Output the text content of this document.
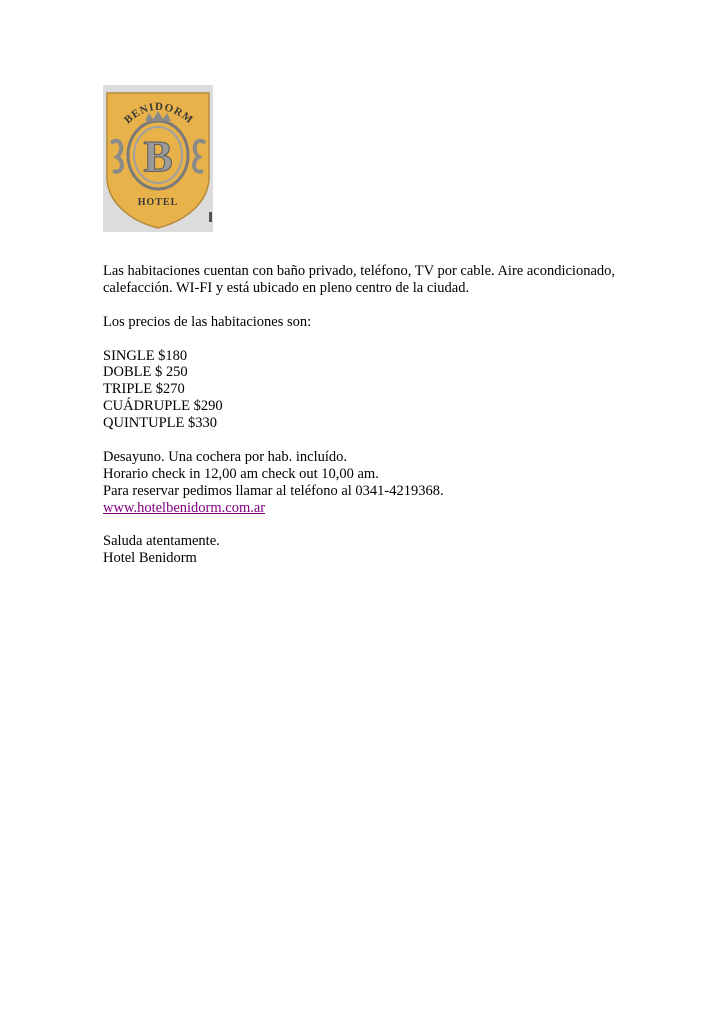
B
BENIDORM
HOTEL

Las habitaciones cuentan con baño privado, teléfono, TV por cable. Aire acondicionado,

calefacción. WI-FI y está ubicado en pleno centro de la ciudad.

Los precios de las habitaciones son:

SINGLE $180

DOBLE $ 250

TRIPLE $270

CUÁDRUPLE $290

QUINTUPLE $330

Desayuno. Una cochera por hab. incluído.

Horario check in 12,00 am check out 10,00 am.

Para reservar pedimos llamar al teléfono al 0341-4219368.

www.hotelbenidorm.com.ar

Saluda atentamente.

Hotel Benidorm
